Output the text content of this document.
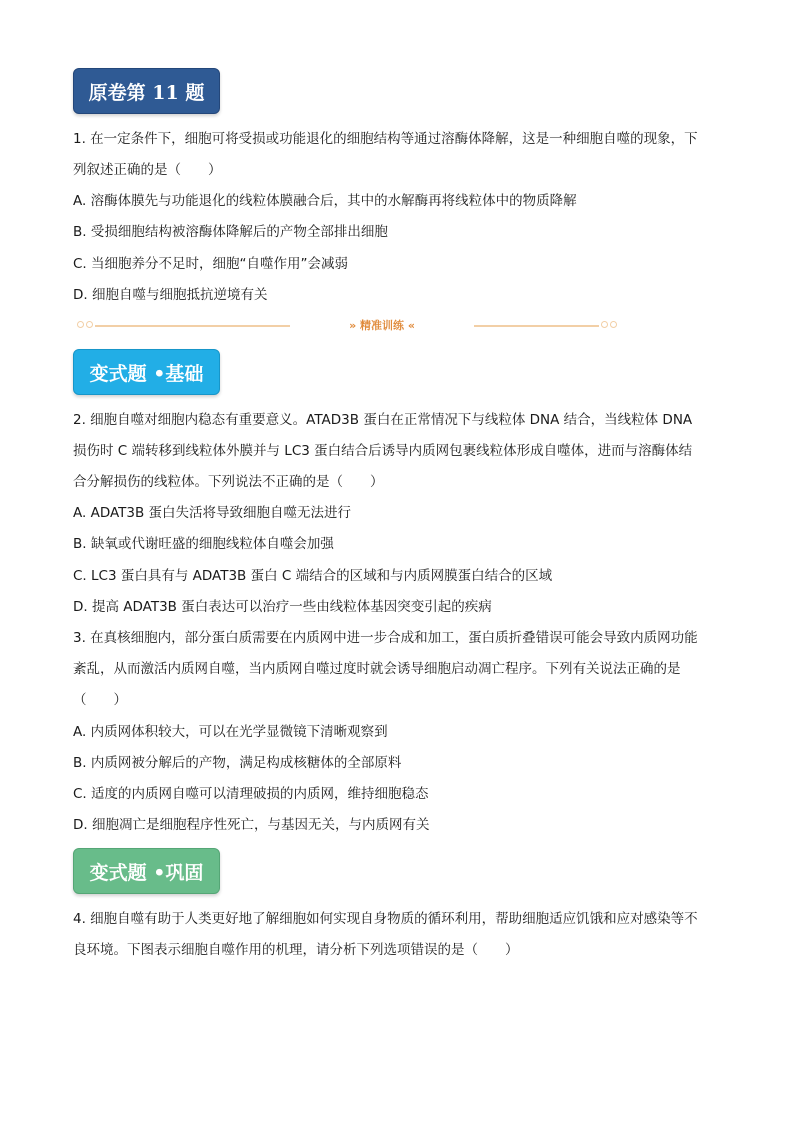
原卷第 11 题
1. 在一定条件下，细胞可将受损或功能退化的细胞结构等通过溶酶体降解，这是一种细胞自噬的现象，下
列叙述正确的是（　　）
A. 溶酶体膜先与功能退化的线粒体膜融合后，其中的水解酶再将线粒体中的物质降解
B. 受损细胞结构被溶酶体降解后的产物全部排出细胞
C. 当细胞养分不足时，细胞“自噬作用”会减弱
D. 细胞自噬与细胞抵抗逆境有关
» 精准训练 «
变式题 •基础
2. 细胞自噬对细胞内稳态有重要意义。ATAD3B 蛋白在正常情况下与线粒体 DNA 结合，当线粒体 DNA
损伤时 C 端转移到线粒体外膜并与 LC3 蛋白结合后诱导内质网包裹线粒体形成自噬体，进而与溶酶体结
合分解损伤的线粒体。下列说法不正确的是（　　）
A. ADAT3B 蛋白失活将导致细胞自噬无法进行
B. 缺氧或代谢旺盛的细胞线粒体自噬会加强
C. LC3 蛋白具有与 ADAT3B 蛋白 C 端结合的区域和与内质网膜蛋白结合的区域
D. 提高 ADAT3B 蛋白表达可以治疗一些由线粒体基因突变引起的疾病
3. 在真核细胞内，部分蛋白质需要在内质网中进一步合成和加工，蛋白质折叠错误可能会导致内质网功能
紊乱，从而激活内质网自噬，当内质网自噬过度时就会诱导细胞启动凋亡程序。下列有关说法正确的是
（　　）
A. 内质网体积较大，可以在光学显微镜下清晰观察到
B. 内质网被分解后的产物，满足构成核糖体的全部原料
C. 适度的内质网自噬可以清理破损的内质网，维持细胞稳态
D. 细胞凋亡是细胞程序性死亡，与基因无关，与内质网有关
变式题 •巩固
4. 细胞自噬有助于人类更好地了解细胞如何实现自身物质的循环利用，帮助细胞适应饥饿和应对感染等不
良环境。下图表示细胞自噬作用的机理，请分析下列选项错误的是（　　）
